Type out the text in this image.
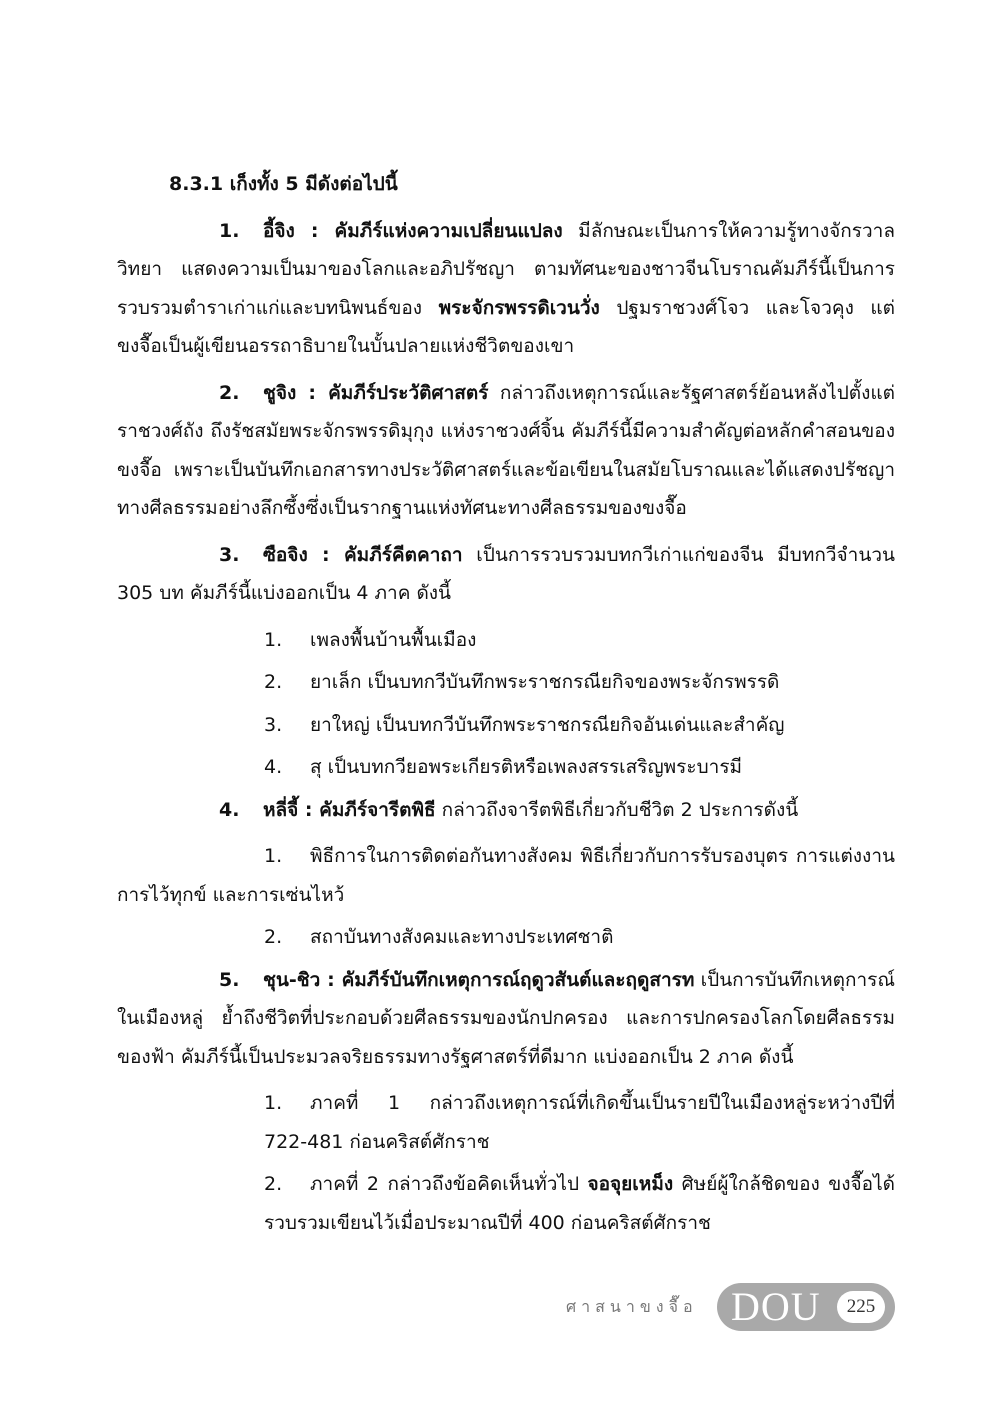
8.3.1 เก็งทั้ง 5 มีดังต่อไปนี้

1. อี้จิง : คัมภีร์แห่งความเปลี่ยนแปลง มีลักษณะเป็นการให้ความรู้ทางจักรวาลวิทยา แสดงความเป็นมาของโลกและอภิปรัชญา ตามทัศนะของชาวจีนโบราณคัมภีร์นี้เป็นการรวบรวมตำราเก่าแก่และบทนิพนธ์ของ พระจักรพรรดิเวนวั่ง ปฐมราชวงศ์โจว และโจวคุง แต่ขงจื๊อเป็นผู้เขียนอรรถาธิบายในบั้นปลายแห่งชีวิตของเขา

2. ชูจิง : คัมภีร์ประวัติศาสตร์ กล่าวถึงเหตุการณ์และรัฐศาสตร์ย้อนหลังไปตั้งแต่ราชวงศ์ถัง ถึงรัชสมัยพระจักรพรรดิมุกุง แห่งราชวงศ์จิ้น คัมภีร์นี้มีความสำคัญต่อหลักคำสอนของขงจื๊อ เพราะเป็นบันทึกเอกสารทางประวัติศาสตร์และข้อเขียนในสมัยโบราณและได้แสดงปรัชญาทางศีลธรรมอย่างลึกซึ้งซึ่งเป็นรากฐานแห่งทัศนะทางศีลธรรมของขงจื๊อ

3. ซือจิง : คัมภีร์คีตคาถา เป็นการรวบรวมบทกวีเก่าแก่ของจีน มีบทกวีจำนวน 305 บท คัมภีร์นี้แบ่งออกเป็น 4 ภาค ดังนี้

1. เพลงพื้นบ้านพื้นเมือง

2. ยาเล็ก เป็นบทกวีบันทึกพระราชกรณียกิจของพระจักรพรรดิ

3. ยาใหญ่ เป็นบทกวีบันทึกพระราชกรณียกิจอันเด่นและสำคัญ

4. สุ เป็นบทกวียอพระเกียรติหรือเพลงสรรเสริญพระบารมี

4. หลี่จี้ : คัมภีร์จารีตพิธี กล่าวถึงจารีตพิธีเกี่ยวกับชีวิต 2 ประการดังนี้

1. พิธีการในการติดต่อกันทางสังคม พิธีเกี่ยวกับการรับรองบุตร การแต่งงาน การไว้ทุกข์ และการเซ่นไหว้

2. สถาบันทางสังคมและทางประเทศชาติ

5. ชุน-ชิว : คัมภีร์บันทึกเหตุการณ์ฤดูวสันต์และฤดูสารท เป็นการบันทึกเหตุการณ์ในเมืองหลู่ ย้ำถึงชีวิตที่ประกอบด้วยศีลธรรมของนักปกครอง และการปกครองโลกโดยศีลธรรมของฟ้า คัมภีร์นี้เป็นประมวลจริยธรรมทางรัฐศาสตร์ที่ดีมาก แบ่งออกเป็น 2 ภาค ดังนี้

1. ภาคที่ 1 กล่าวถึงเหตุการณ์ที่เกิดขึ้นเป็นรายปีในเมืองหลู่ระหว่างปีที่ 722-481 ก่อนคริสต์ศักราช

2. ภาคที่ 2 กล่าวถึงข้อคิดเห็นทั่วไป จอจุยเหม็ง ศิษย์ผู้ใกล้ชิดของ ขงจื๊อได้รวบรวมเขียนไว้เมื่อประมาณปีที่ 400 ก่อนคริสต์ศักราช

ศาสนาขงจื๊อ DOU	225
